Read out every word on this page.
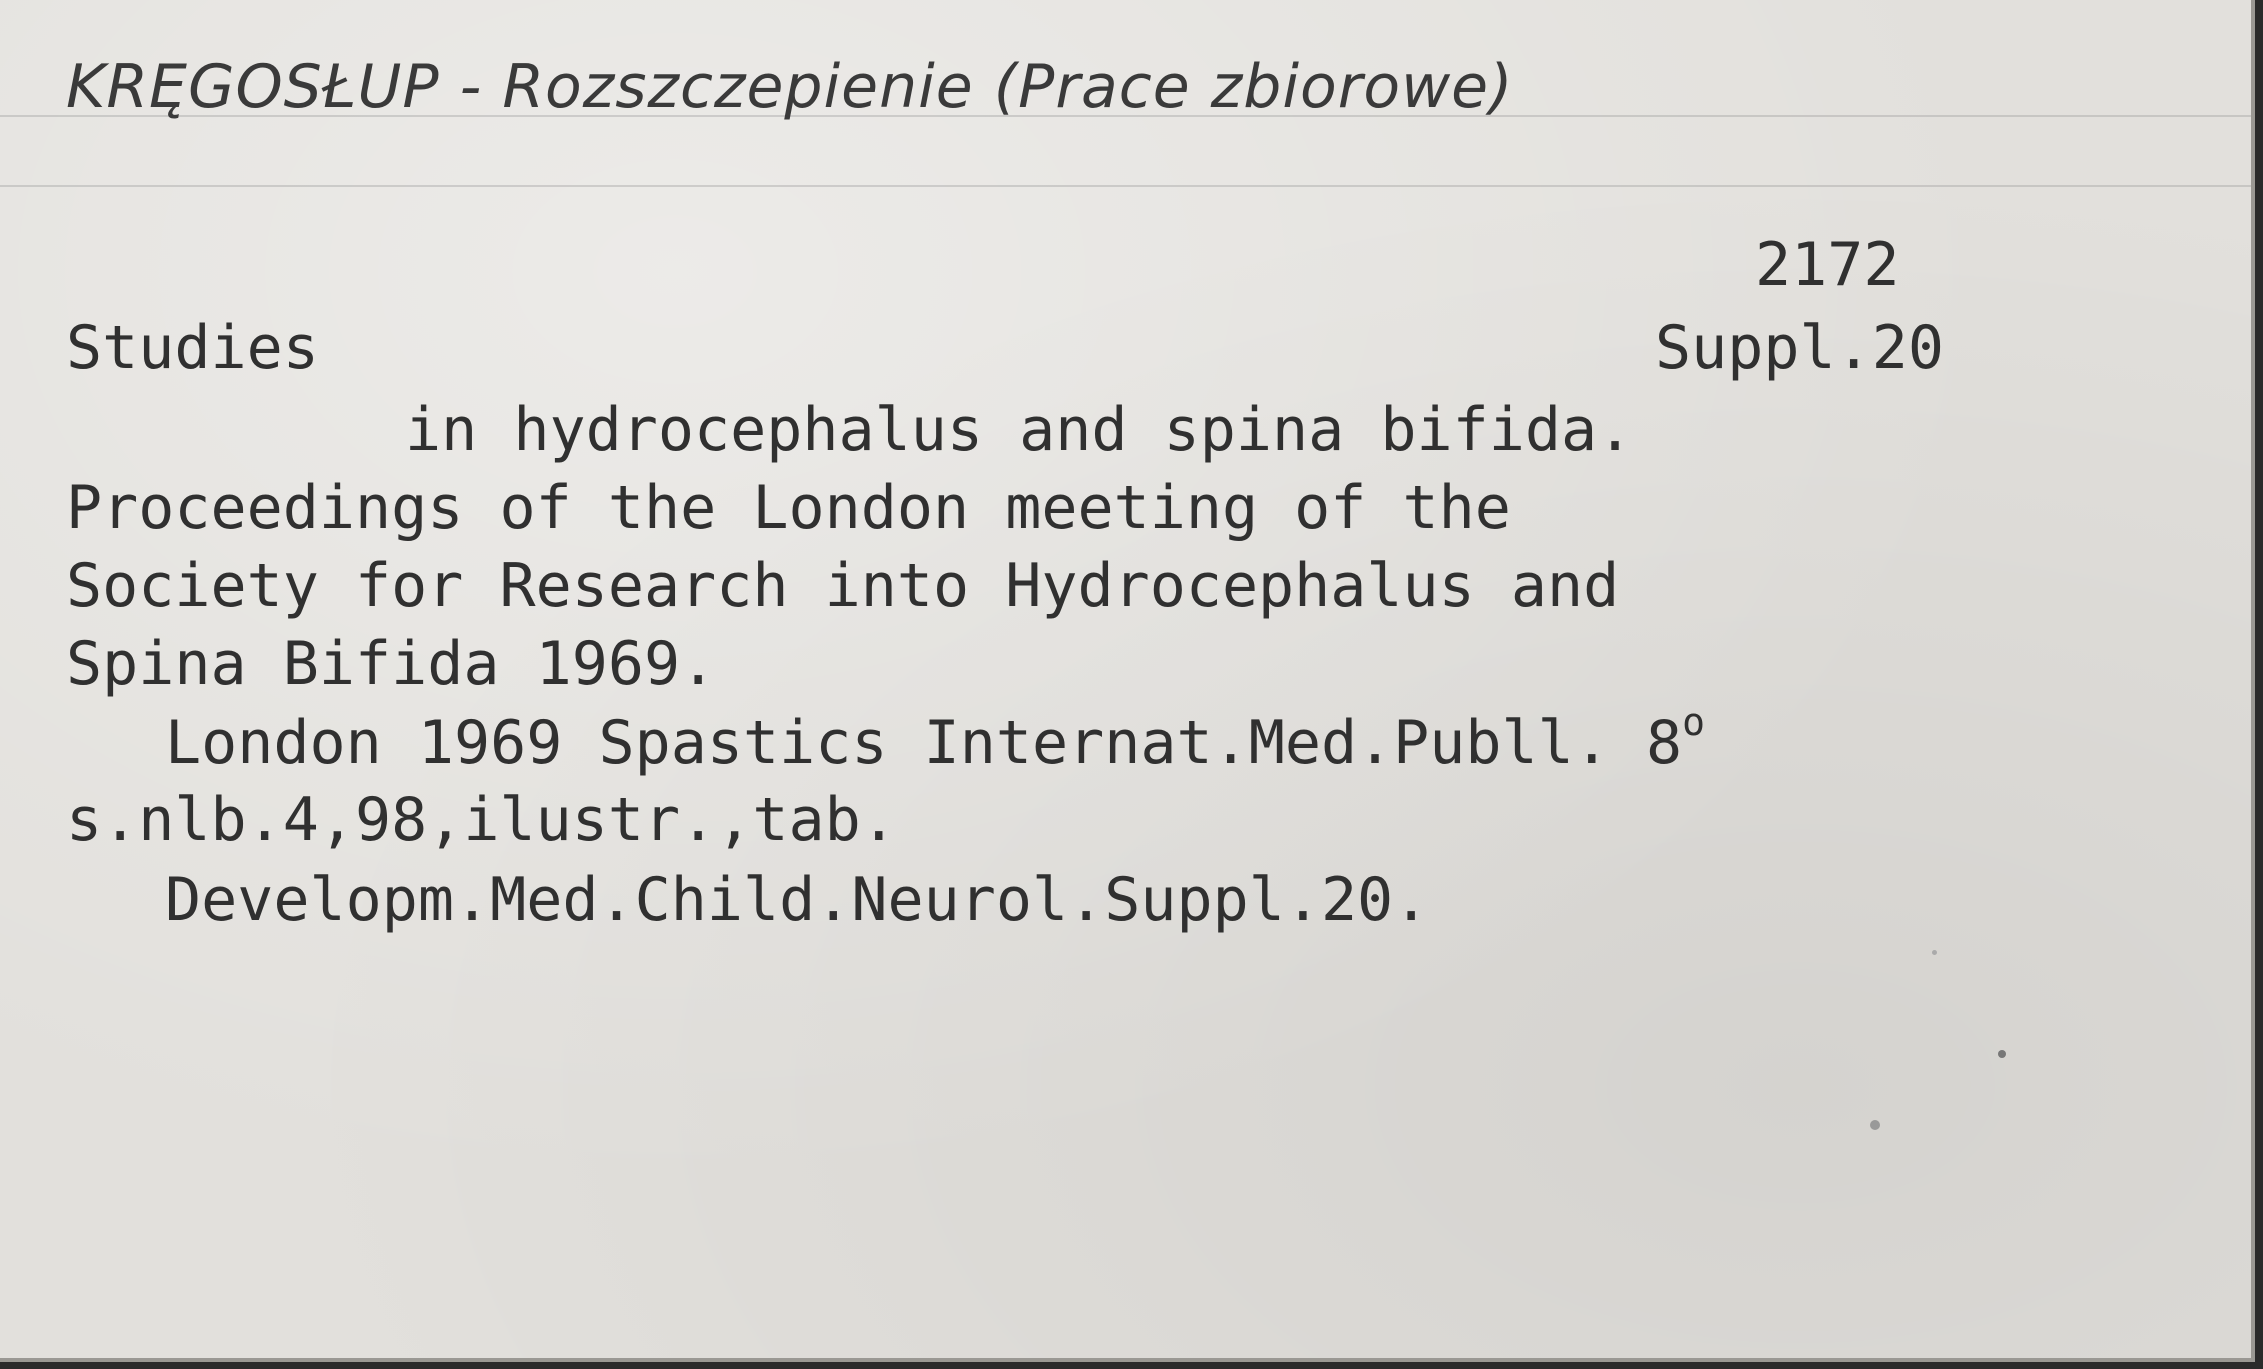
KRĘGOSŁUP - Rozszczepienie (Prace zbiorowe)
2172
Suppl.20
Studies
in hydrocephalus and spina bifida.
Proceedings of the London meeting of the
Society for Research into Hydrocephalus and
Spina Bifida 1969.
London 1969 Spastics Internat.Med.Publl. 8$^o$
s.nlb.4,98,ilustr.,tab.
Developm.Med.Child.Neurol.Suppl.20.
